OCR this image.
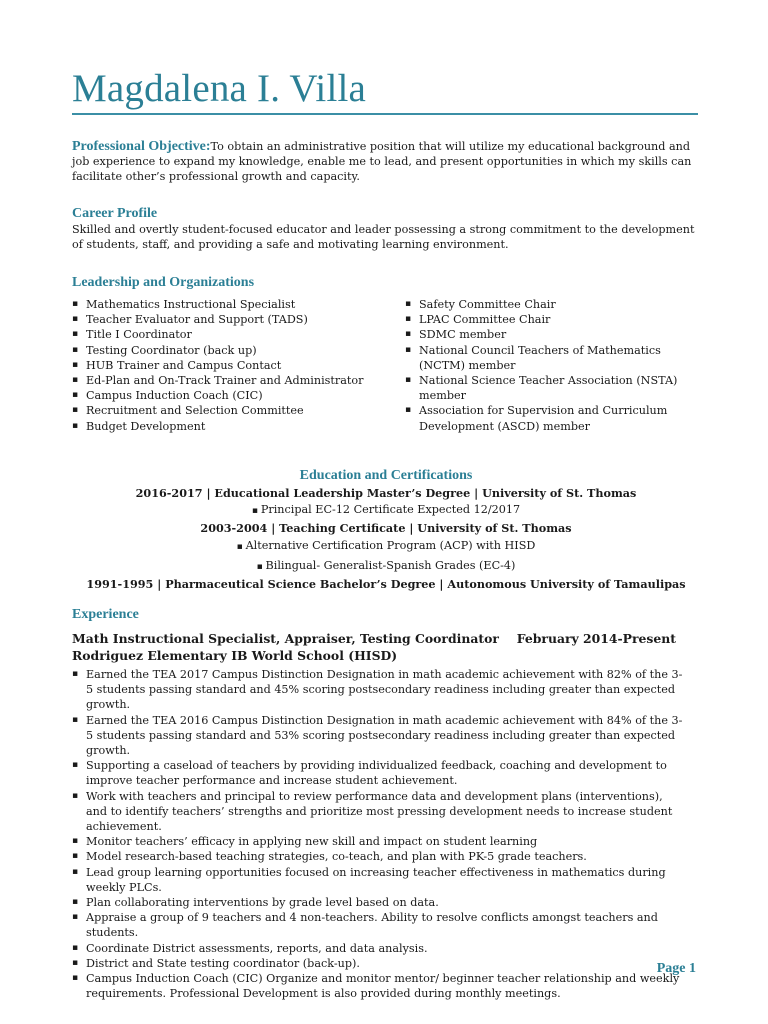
Magdalena I. Villa
Professional Objective:To obtain an administrative position that will utilize my educational background and job experience to expand my knowledge, enable me to lead, and present opportunities in which my skills can facilitate other’s professional growth and capacity.
Career Profile
Skilled and overtly student-focused educator and leader possessing a strong commitment to the development of students, staff, and providing a safe and motivating learning environment.
Leadership and Organizations
▪ Mathematics Instructional Specialist
▪ Teacher Evaluator and Support (TADS)
▪ Title I Coordinator
▪ Testing Coordinator (back up)
▪ HUB Trainer and Campus Contact
▪ Ed-Plan and On-Track Trainer and Administrator
▪ Campus Induction Coach (CIC)
▪ Recruitment and Selection Committee
▪ Budget Development
▪ Safety Committee Chair
▪ LPAC Committee Chair
▪ SDMC member
▪ National Council Teachers of Mathematics (NCTM) member
▪ National Science Teacher Association (NSTA) member
▪ Association for Supervision and Curriculum Development (ASCD) member
Education and Certifications
2016-2017 | Educational Leadership Master’s Degree | University of St. Thomas
▪ Principal EC-12 Certificate Expected 12/2017
2003-2004 | Teaching Certificate | University of St. Thomas
▪ Alternative Certification Program (ACP) with HISD
▪ Bilingual- Generalist-Spanish Grades (EC-4)
1991-1995 | Pharmaceutical Science Bachelor’s Degree | Autonomous University of Tamaulipas
Experience
Math Instructional Specialist, Appraiser, Testing Coordinator February 2014-Present
Rodriguez Elementary IB World School (HISD)
▪ Earned the TEA 2017 Campus Distinction Designation in math academic achievement with 82% of the 3-5 students passing standard and 45% scoring postsecondary readiness including greater than expected growth.
▪ Earned the TEA 2016 Campus Distinction Designation in math academic achievement with 84% of the 3-5 students passing standard and 53% scoring postsecondary readiness including greater than expected growth.
▪ Supporting a caseload of teachers by providing individualized feedback, coaching and development to improve teacher performance and increase student achievement.
▪ Work with teachers and principal to review performance data and development plans (interventions), and to identify teachers’ strengths and prioritize most pressing development needs to increase student achievement.
▪ Monitor teachers’ efficacy in applying new skill and impact on student learning
▪ Model research-based teaching strategies, co-teach, and plan with PK-5 grade teachers.
▪ Lead group learning opportunities focused on increasing teacher effectiveness in mathematics during weekly PLCs.
▪ Plan collaborating interventions by grade level based on data.
▪ Appraise a group of 9 teachers and 4 non-teachers. Ability to resolve conflicts amongst teachers and students.
▪ Coordinate District assessments, reports, and data analysis.
▪ District and State testing coordinator (back-up).
▪ Campus Induction Coach (CIC) Organize and monitor mentor/ beginner teacher relationship and weekly requirements. Professional Development is also provided during monthly meetings.
Page 1
